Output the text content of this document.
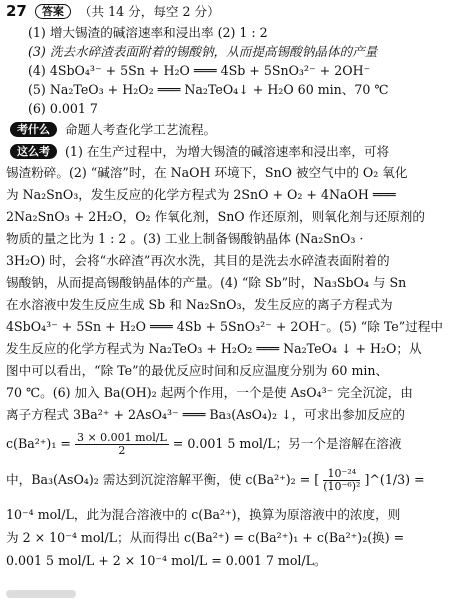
27 答案 （共 14 分，每空 2 分）
(1) 增大锡渣的碱溶速率和浸出率 (2) 1 : 2
(3) 洗去水碎渣表面附着的锡酸钠，从而提高锡酸钠晶体的产量
(4) 4SbO₄³⁻ + 5Sn + H₂O ═══ 4Sb + 5SnO₃²⁻ + 2OH⁻
(5) Na₂TeO₃ + H₂O₂ ═══ Na₂TeO₄↓ + H₂O 60 min、70 ℃
(6) 0.001 7
考什么 命题人考查化学工艺流程。
这么考 (1) 在生产过程中，为增大锡渣的碱溶速率和浸出率，可将
锡渣粉碎。(2) “碱溶”时，在 NaOH 环境下，SnO 被空气中的 O₂ 氧化
为 Na₂SnO₃，发生反应的化学方程式为 2SnO + O₂ + 4NaOH ═══
2Na₂SnO₃ + 2H₂O，O₂ 作氧化剂，SnO 作还原剂，则氧化剂与还原剂的
物质的量之比为 1 : 2 。(3) 工业上制备锡酸钠晶体 (Na₂SnO₃ ·
3H₂O) 时，会将“水碎渣”再次水洗，其目的是洗去水碎渣表面附着的
锡酸钠，从而提高锡酸钠晶体的产量。(4) “除 Sb”时，Na₃SbO₄ 与 Sn
在水溶液中发生反应生成 Sb 和 Na₂SnO₃，发生反应的离子方程式为
4SbO₄³⁻ + 5Sn + H₂O ═══ 4Sb + 5SnO₃²⁻ + 2OH⁻。(5) “除 Te”过程中
发生反应的化学方程式为 Na₂TeO₃ + H₂O₂ ═══ Na₂TeO₄ ↓ + H₂O；从
图中可以看出，“除 Te”的最优反应时间和反应温度分别为 60 min、
70 ℃。(6) 加入 Ba(OH)₂ 起两个作用，一个是使 AsO₄³⁻ 完全沉淀，由
离子方程式 3Ba²⁺ + 2AsO₄³⁻ ═══ Ba₃(AsO₄)₂ ↓，可求出参加反应的
$c(Ba^{2+})_1 = \frac{\text{3 × 0.001 mol/L}}{2} = 0.001$ 5 mol/L；另一个是溶解在溶液
中，Ba₃(AsO₄)₂ 需达到沉淀溶解平衡，使 c(Ba²⁺)₂ = [ $\frac{\text{10⁻²⁴}}{\text{(10⁻⁶)²}}$ ]^(1/3) =
10⁻⁴ mol/L，此为混合溶液中的 c(Ba²⁺)，换算为原溶液中的浓度，则
为 2 × 10⁻⁴ mol/L；从而得出 c(Ba²⁺) = c(Ba²⁺)₁ + c(Ba²⁺)₂(换) =
0.001 5 mol/L + 2 × 10⁻⁴ mol/L = 0.001 7 mol/L。
